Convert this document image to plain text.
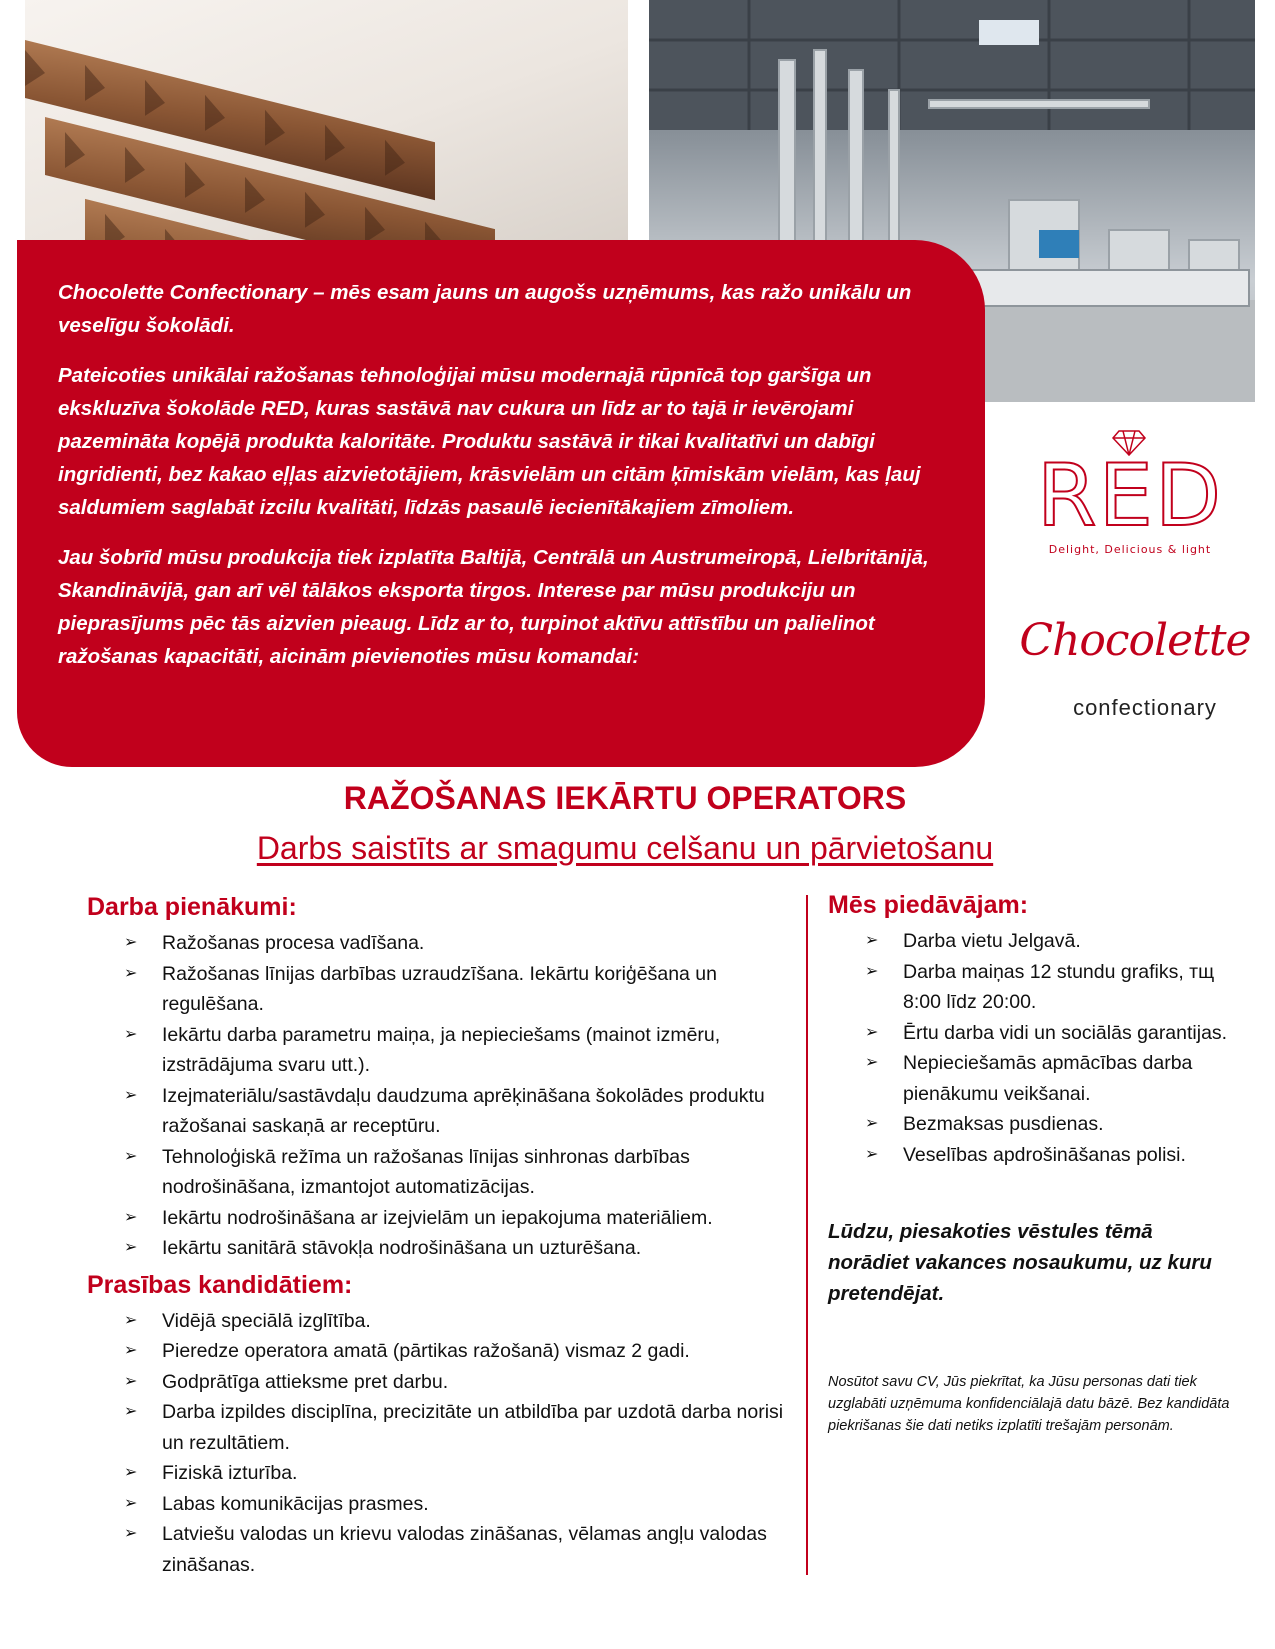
Chocolette Confectionary – mēs esam jauns un augošs uzņēmums, kas ražo unikālu un veselīgu šokolādi.

Pateicoties unikālai ražošanas tehnoloģijai mūsu modernajā rūpnīcā top garšīga un ekskluzīva šokolāde RED, kuras sastāvā nav cukura un līdz ar to tajā ir ievērojami pazemināta kopējā produkta kaloritāte. Produktu sastāvā ir tikai kvalitatīvi un dabīgi ingridienti, bez kakao eļļas aizvietotājiem, krāsvielām un citām ķīmiskām vielām, kas ļauj saldumiem saglabāt izcilu kvalitāti, līdzās pasaulē iecienītākajiem zīmoliem.

Jau šobrīd mūsu produkcija tiek izplatīta Baltijā, Centrālā un Austrumeiropā, Lielbritānijā, Skandināvijā, gan arī vēl tālākos eksporta tirgos. Interese par mūsu produkciju un pieprasījums pēc tās aizvien pieaug. Līdz ar to, turpinot aktīvu attīstību un palielinot ražošanas kapacitāti, aicinām pievienoties mūsu komandai:

RED
Delight, Delicious & light
Chocolette
confectionary
RAŽOŠANAS IEKĀRTU OPERATORS
Darbs saistīts ar smagumu celšanu un pārvietošanu
Darba pienākumi:
➢ Ražošanas procesa vadīšana.
➢ Ražošanas līnijas darbības uzraudzīšana. Iekārtu koriģēšana un regulēšana.
➢ Iekārtu darba parametru maiņa, ja nepieciešams (mainot izmēru, izstrādājuma svaru utt.).
➢ Izejmateriālu/sastāvdaļu daudzuma aprēķināšana šokolādes produktu ražošanai saskaņā ar receptūru.
➢ Tehnoloģiskā režīma un ražošanas līnijas sinhronas darbības nodrošināšana, izmantojot automatizācijas.
➢ Iekārtu nodrošināšana ar izejvielām un iepakojuma materiāliem.
➢ Iekārtu sanitārā stāvokļa nodrošināšana un uzturēšana.
Prasības kandidātiem:
➢ Vidējā speciālā izglītība.
➢ Pieredze operatora amatā (pārtikas ražošanā) vismaz 2 gadi.
➢ Godprātīga attieksme pret darbu.
➢ Darba izpildes disciplīna, precizitāte un atbildība par uzdotā darba norisi un rezultātiem.
➢ Fiziskā izturība.
➢ Labas komunikācijas prasmes.
➢ Latviešu valodas un krievu valodas zināšanas, vēlamas angļu valodas zināšanas.
Mēs piedāvājam:
➢ Darba vietu Jelgavā.
➢ Darba maiņas 12 stundu grafiks, тщ 8:00 līdz 20:00.
➢ Ērtu darba vidi un sociālās garantijas.
➢ Nepieciešamās apmācības darba pienākumu veikšanai.
➢ Bezmaksas pusdienas.
➢ Veselības apdrošināšanas polisi.

Lūdzu, piesakoties vēstules tēmā norādiet vakances nosaukumu, uz kuru pretendējat.

Nosūtot savu CV, Jūs piekrītat, ka Jūsu personas dati tiek uzglabāti uzņēmuma konfidenciālajā datu bāzē. Bez kandidāta piekrišanas šie dati netiks izplatīti trešajām personām.
